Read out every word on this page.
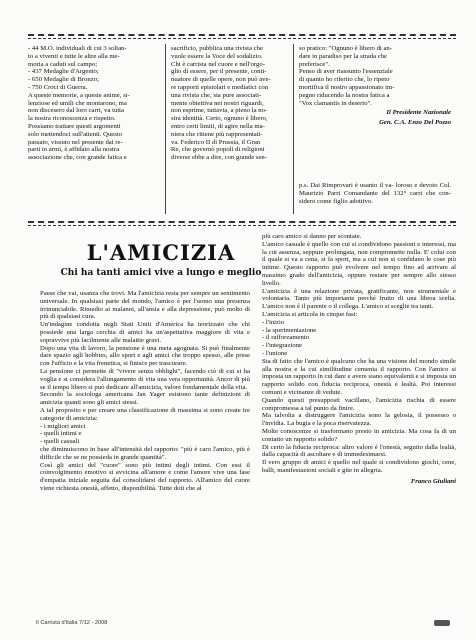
- 44 M.O. individuali di cui 3 soltan-

to a viventi e tutte le altre alla me-

moria a caduti sul campo;

- 437 Medaglie d'Argento;

- 650 Medaglie di Bronzo;

- 750 Croci di Guerra.

A queste memorie, a queste anime, si-

lenziose ed umili che montarono, ma

non discesero dal loro carri, va tutta

la nostra riconoscenza e rispetto.

Possiamo trattare questi argomenti

solo mettendoci sull'attenti. Questo

passato, vissuto nel presente dai re-

parti in armi, è affidato alla nostra

associazione che, con grande fatica e

sacrificio, pubblica una rivista che

vuole essere la Voce del sodalizio.

Chi è carrista nel cuore e nell'orgo-

glio di essere, per il presente, conti-

nuatore di quelle opere, non può ave-

re rapporti epistolari e mediatici con

una rivista che, sia pure associati-

mente obiettiva nei nostri riguardi,

non esprime, tuttavia, a pieno la no-

stra identità. Certo, ognuno è libero,

entro certi limiti, di agire nella ma-

niera che ritiene più rappresentati-

va. Federico II di Prussia, il Gran

Re, che governò popoli di religioni

diverse ebbe a dire, con grande sen-

so pratico: "Ognuno è libero di an-

dare in paradiso per la strada che

preferisce".

Penso di aver riassunto l'essenziale

di quanto ho riferito che, lo ripeto

mortifica il nostro appassionato im-

pegno riducendo la nostra fatica a

"Vox clamantis in deserto".

Il Presidente Nazionale

Gen. C.A. Enzo Del Pozzo

p.s. Dai Rimprovari è usanto il va- loroso e devoto Col. Maurizio Parri Comandante del 132° carri che con- sidero come figlio adottivo.
L'AMICIZIA
Chi ha tanti amici vive a lungo e meglio

Paese che vai, usanza che trovi. Ma l'amicizia resta per sempre un sentimento universale. In qualsiasi parte del mondo, l'amico è per l'uomo una presenza irrinunciabile. Rimedio ai malanni, all'ansia e alla depressione, può molto di più di qualsiasi cura.

Un'indagine condotta negli Stati Uniti d'America ha teorizzato che chi possiede una larga cerchia di amici ha un'aspettativa maggiore di vita e sopravvive più facilmente alle malattie gravi.

Dopo una vita di lavoro, la pensione è una meta agognata. Si può finalmente dare spazio agli hobbies, allo sport e agli amici che troppo spesso, alle prese con l'ufficio e la vita frenetica, si finisce per trascurare.

La pensione ci permette di "vivere senza obblighi", facendo ciò di cui si ha voglia e si considera l'allungamento di vita una vera opportunità. Ancor di più se il tempo libero si può dedicare all'amicizia, valore fondamentale della vita.

Secondo la sociologa americana Jan Yager esistono tante definizioni di amicizia quanti sono gli amici stessi.

A tal proposito e per creare una classificazione di massima si sono create tre categorie di amicizia:

- i migliori amici

- quelli intimi e

- quelli casuali

che diminuiscono in base all'intensità del rapporto: "più è caro l'amico, più è difficile che se ne possieda in grande quantità".

Così gli amici del "cuore" sono più intimi degli intimi. Con essi il coinvolgimento emotivo si avvicina all'amore e come l'amore vive una fase d'empatia iniziale seguita dal consolidarsi del rapporto. All'amico del cuore viene richiesta onestà, affetto, disponibilità. Tutte doti che al

più caro amico si danno per scontate.

L'amico casuale è quello con cui si condividono passioni e interessi, ma la cui assenza, seppure prolungata, non compromette nulla. E' colui con il quale si va a cena, si fa sport, ma a cui non si confidano le cose più intime. Questo rapporto può evolvere nel tempo fino ad arrivare al massimo grado dell'amicizia, oppure restare per sempre allo stesso livello.

L'amicizia è una relazione privata, gratificante, non strumentale e volontaria. Tanto più importante perché frutto di una libera scelta. L'amico non è il parente o il collega. L'amico si sceglie tra tanti.

L'amicizia si articola in cinque fasi:

- l'inizio

- la sperimentazione

- il rafforzamento

- l'integrazione

- l'unione

Sta di fatto che l'amico è qualcuno che ha una visione del mondo simile alla nostra e la cui similitudine cementa il rapporto. Con l'amico si imposta un rapporto in cui dare e avere siano equivalenti e si imposta un rapporto solido con fiducia reciproca, onestà e lealtà. Poi interessi comuni e vicinanze di vedute.

Quando questi presupposti vacillano, l'amicizia rischia di essere compromessa a tal punto da finire.

Ma talvolta a distruggere l'amicizia sono la gelosia, il possesso o l'invidia. La bugia e la poca riservatezza.

Molte conoscenze si trasformano presto in amicizia. Ma cosa fa di un contatto un rapporto solido?

Di certo la fiducia reciproca: altro valore è l'onestà, seguito dalla lealtà, dalla capacità di ascoltare e di immedesimarsi.

Il vero gruppo di amici è quello nel quale si condividono giochi, cene, balli, manifestazioni sociali e gite in allegria.

Franco Giuliani

Il Carrista d'Italia 7/12 - 2008
